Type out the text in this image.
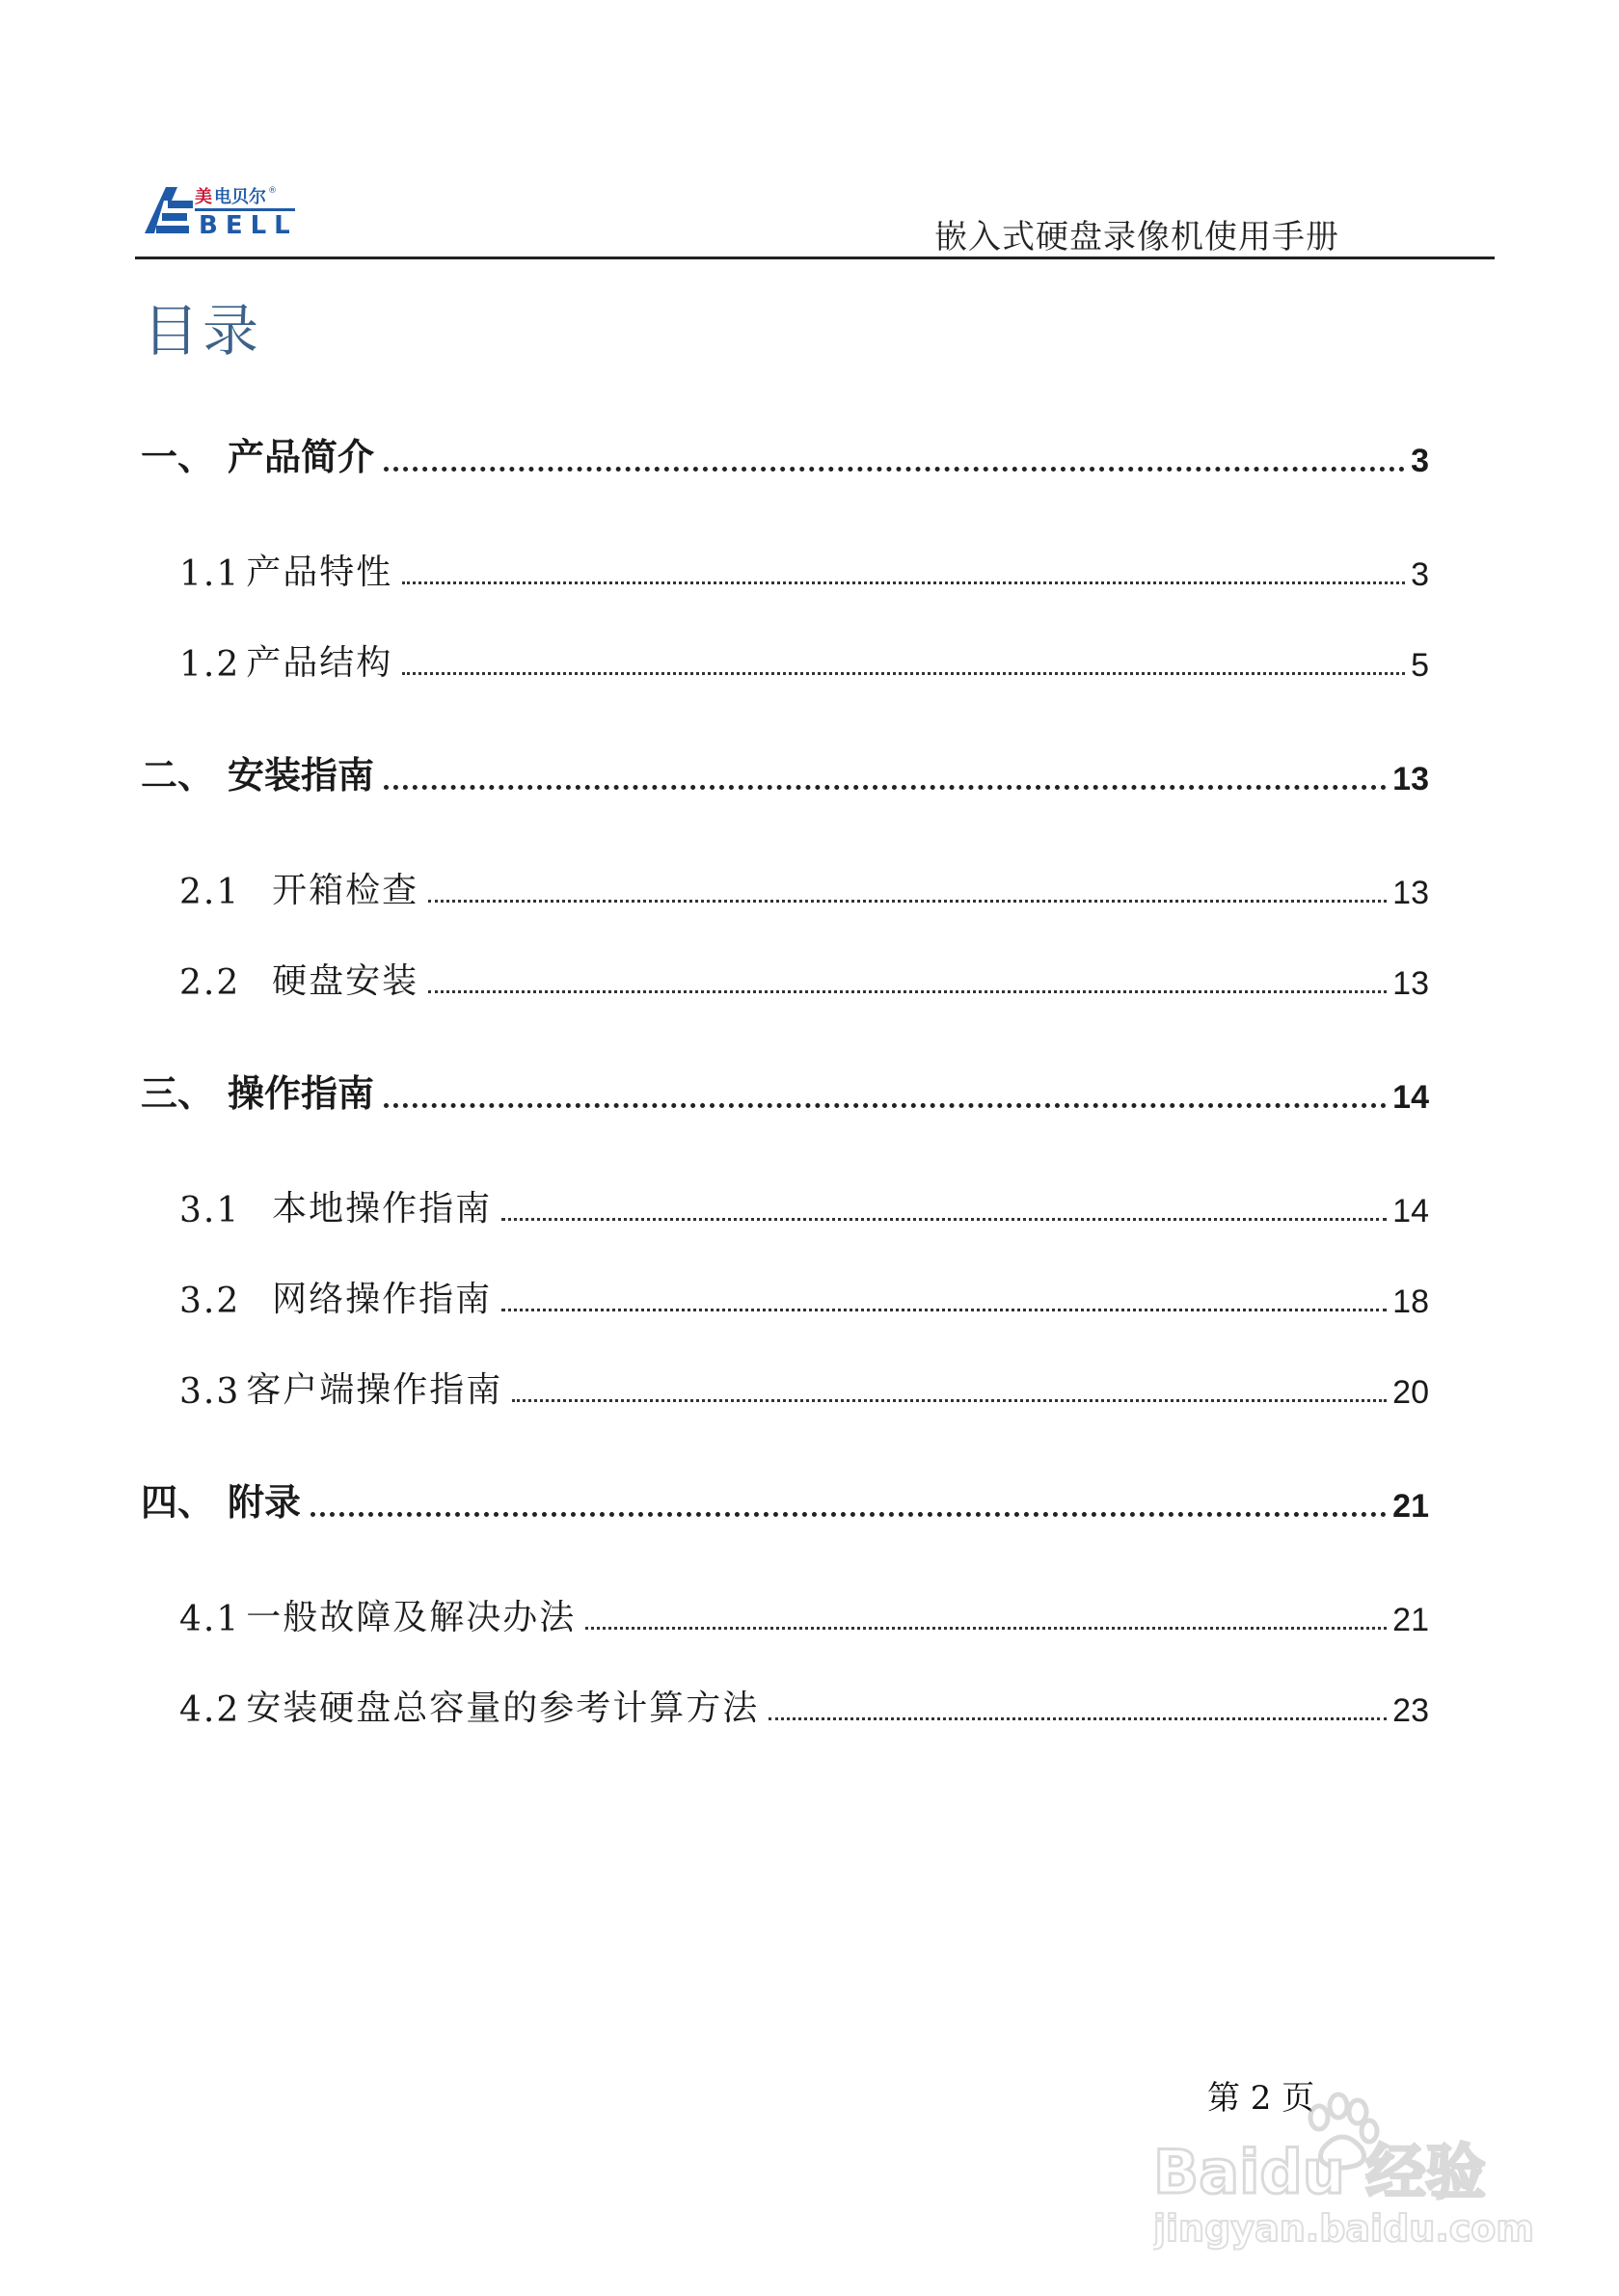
美 电贝尔 ®
BELL	嵌入式硬盘录像机使用手册
目录
一、 产品简介	3
1.1 产品特性	3
1.2 产品结构	5
二、 安装指南	13
2.1 开箱检查	13
2.2 硬盘安装	13
三、 操作指南	14
3.1 本地操作指南	14
3.2 网络操作指南	18
3.3 客户端操作指南	20
四、 附录	21
4.1 一般故障及解决办法	21
4.2 安装硬盘总容量的参考计算方法	23
第 2 页
Baidu 经验
jingyan.baidu.com
